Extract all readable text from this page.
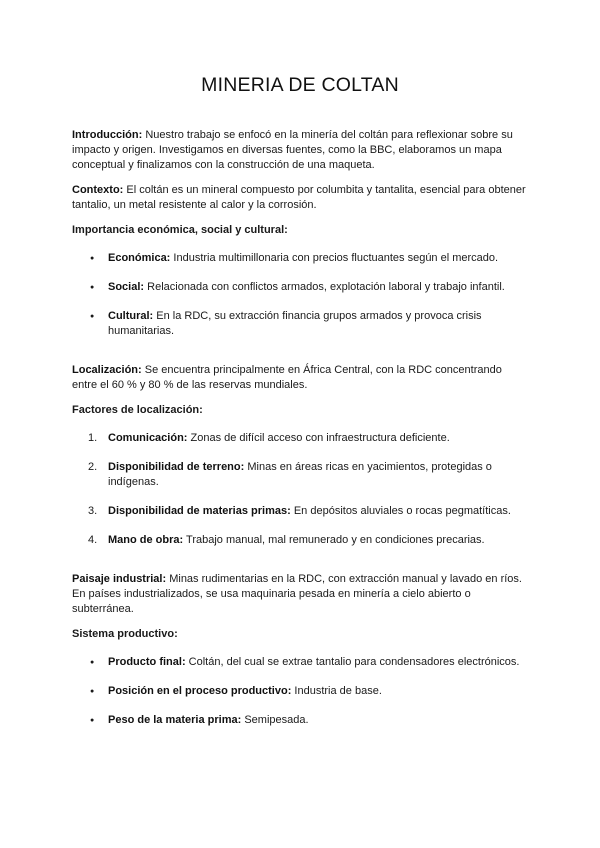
MINERIA DE COLTAN

Introducción: Nuestro trabajo se enfocó en la minería del coltán para reflexionar sobre su impacto y origen. Investigamos en diversas fuentes, como la BBC, elaboramos un mapa conceptual y finalizamos con la construcción de una maqueta.

Contexto: El coltán es un mineral compuesto por columbita y tantalita, esencial para obtener tantalio, un metal resistente al calor y la corrosión.

Importancia económica, social y cultural:

● Económica: Industria multimillonaria con precios fluctuantes según el mercado.
● Social: Relacionada con conflictos armados, explotación laboral y trabajo infantil.
● Cultural: En la RDC, su extracción financia grupos armados y provoca crisis humanitarias.

Localización: Se encuentra principalmente en África Central, con la RDC concentrando entre el 60 % y 80 % de las reservas mundiales.

Factores de localización:

1. Comunicación: Zonas de difícil acceso con infraestructura deficiente.
2. Disponibilidad de terreno: Minas en áreas ricas en yacimientos, protegidas o indígenas.
3. Disponibilidad de materias primas: En depósitos aluviales o rocas pegmatíticas.
4. Mano de obra: Trabajo manual, mal remunerado y en condiciones precarias.

Paisaje industrial: Minas rudimentarias en la RDC, con extracción manual y lavado en ríos. En países industrializados, se usa maquinaria pesada en minería a cielo abierto o subterránea.

Sistema productivo:

● Producto final: Coltán, del cual se extrae tantalio para condensadores electrónicos.
● Posición en el proceso productivo: Industria de base.
● Peso de la materia prima: Semipesada.
